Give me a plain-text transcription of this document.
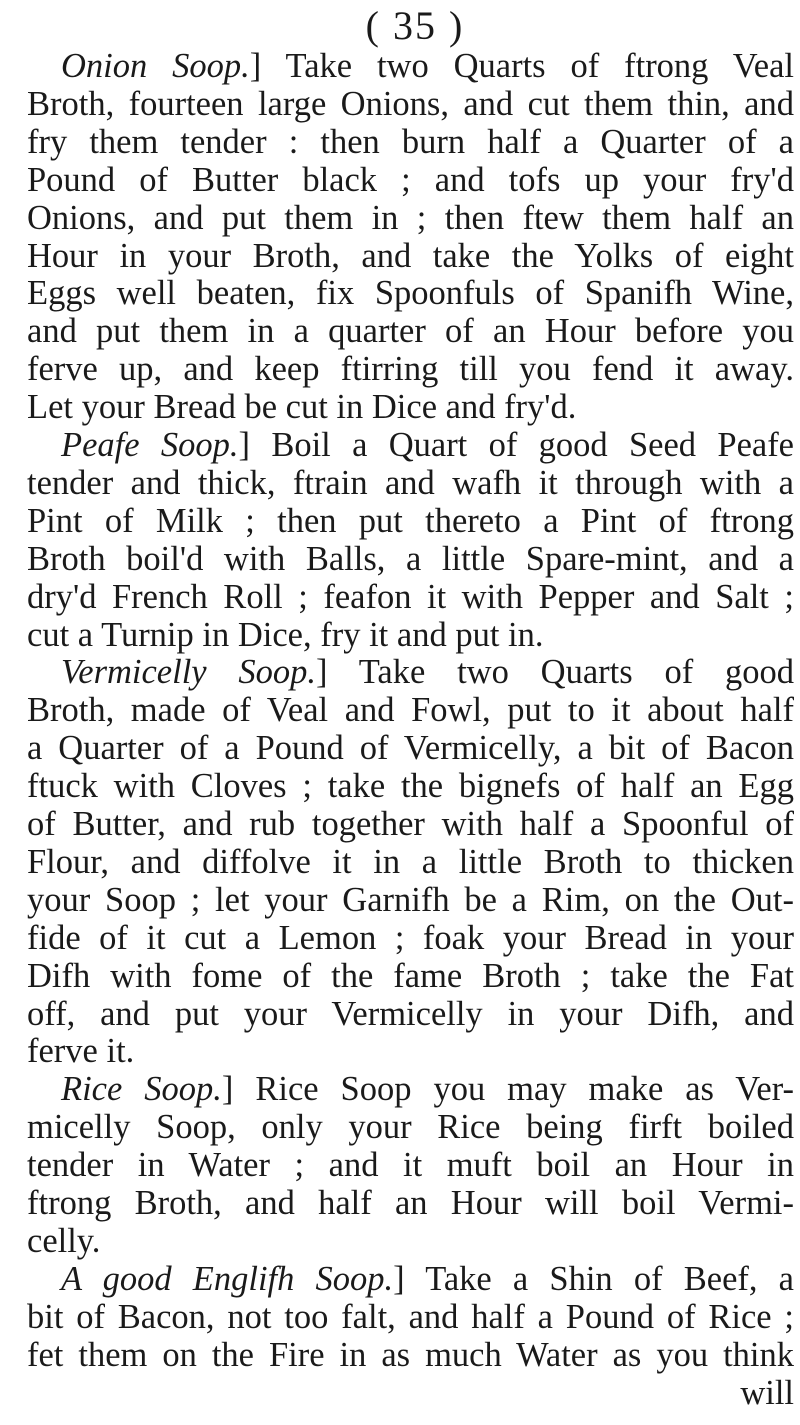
( 35 )
Onion Soop.] Take two Quarts of ftrong Veal
Broth, fourteen large Onions, and cut them thin, and
fry them tender : then burn half a Quarter of a
Pound of Butter black ; and tofs up your fry'd
Onions, and put them in ; then ftew them half an
Hour in your Broth, and take the Yolks of eight
Eggs well beaten, fix Spoonfuls of Spanifh Wine,
and put them in a quarter of an Hour before you
ferve up, and keep ftirring till you fend it away.
Let your Bread be cut in Dice and fry'd.
Peafe Soop.] Boil a Quart of good Seed Peafe
tender and thick, ftrain and wafh it through with a
Pint of Milk ; then put thereto a Pint of ftrong
Broth boil'd with Balls, a little Spare-mint, and a
dry'd French Roll ; feafon it with Pepper and Salt ;
cut a Turnip in Dice, fry it and put in.
Vermicelly Soop.] Take two Quarts of good
Broth, made of Veal and Fowl, put to it about half
a Quarter of a Pound of Vermicelly, a bit of Bacon
ftuck with Cloves ; take the bignefs of half an Egg
of Butter, and rub together with half a Spoonful of
Flour, and diffolve it in a little Broth to thicken
your Soop ; let your Garnifh be a Rim, on the Out-
fide of it cut a Lemon ; foak your Bread in your
Difh with fome of the fame Broth ; take the Fat
off, and put your Vermicelly in your Difh, and
ferve it.
Rice Soop.] Rice Soop you may make as Ver-
micelly Soop, only your Rice being firft boiled
tender in Water ; and it muft boil an Hour in
ftrong Broth, and half an Hour will boil Vermi-
celly.
A good Englifh Soop.] Take a Shin of Beef, a
bit of Bacon, not too falt, and half a Pound of Rice ;
fet them on the Fire in as much Water as you think
will
